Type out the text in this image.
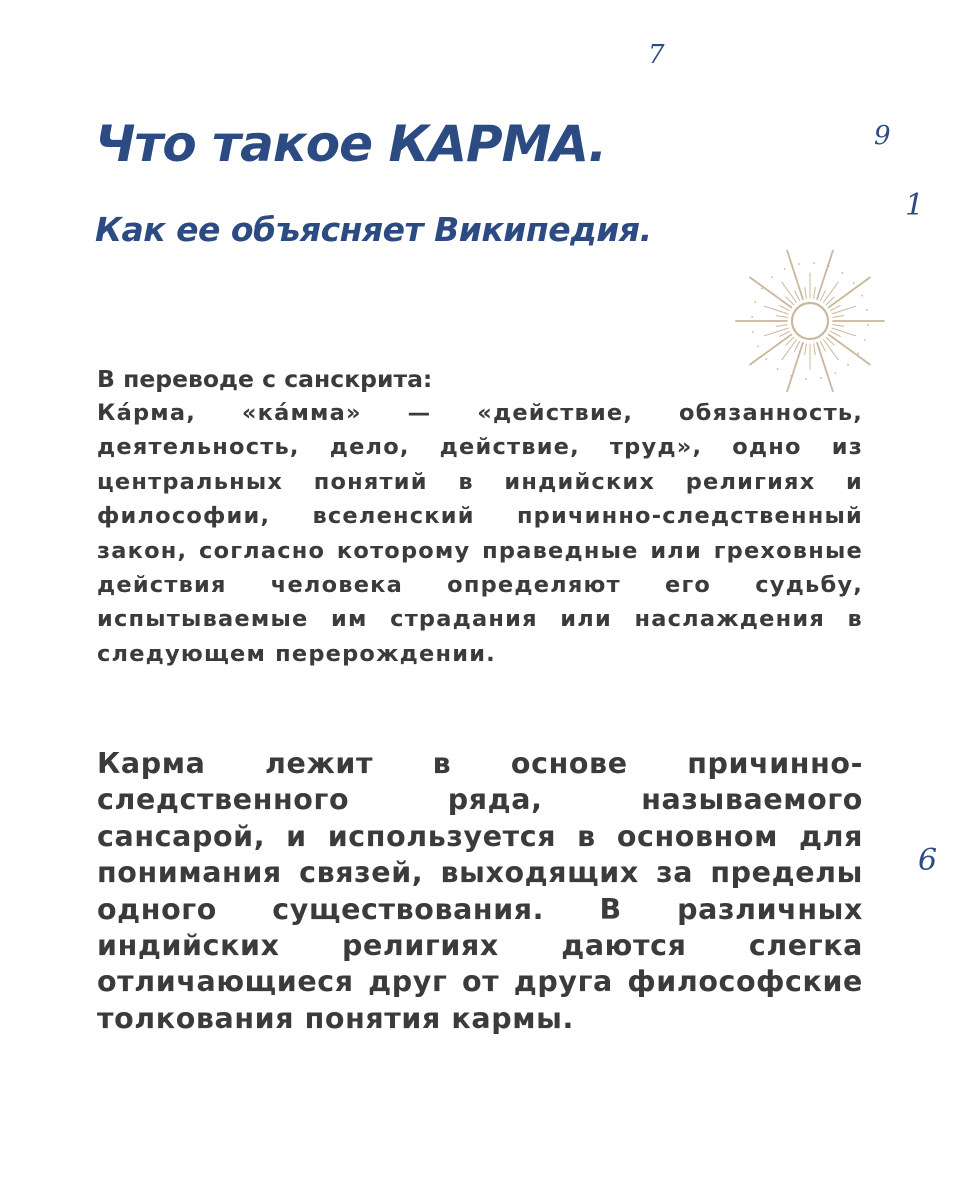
Что такое КАРМА.
Как ее объясняет Википедия.
7
9
1
6

В переводе с санскрита:

Ка́рма, «ка́мма» — «действие, обязанность, деятельность, дело, действие, труд», одно из центральных понятий в индийских религиях и философии, вселенский причинно-следственный закон, согласно которому праведные или греховные действия человека определяют его судьбу, испытываемые им страдания или наслаждения в следующем перерождении.

Карма лежит в основе причинно-следственного ряда, называемого сансарой, и используется в основном для понимания связей, выходящих за пределы одного существования. В различных индийских религиях даются слегка отличающиеся друг от друга философские толкования понятия кармы.
